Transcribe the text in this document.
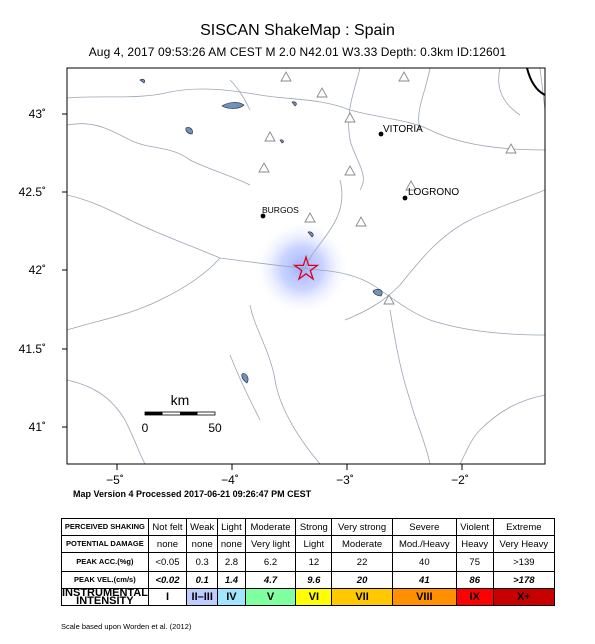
SISCAN ShakeMap : Spain
Aug 4, 2017 09:53:26 AM CEST M 2.0 N42.01 W3.33 Depth: 0.3km ID:12601
VITORIA
LOGRONO
BURGOS
43˚
42.5˚
42˚
41.5˚
41˚
−5˚	−4˚	−3˚	−2˚
km
0	50
Map Version 4 Processed 2017-06-21 09:26:47 PM CEST
PERCEIVED SHAKING	Not felt	Weak	Light	Moderate	Strong	Very strong	Severe	Violent	Extreme
POTENTIAL DAMAGE	none	none	none	Very light	Light	Moderate	Mod./Heavy	Heavy	Very Heavy
PEAK ACC.(%g)	<0.05	0.3	2.8	6.2	12	22	40	75	>139
PEAK VEL.(cm/s)	<0.02	0.1	1.4	4.7	9.6	20	41	86	>178
INSTRUMENTAL INTENSITY	I	II–III	IV	V	VI	VII	VIII	IX	X+
Scale based upon Worden et al. (2012)
